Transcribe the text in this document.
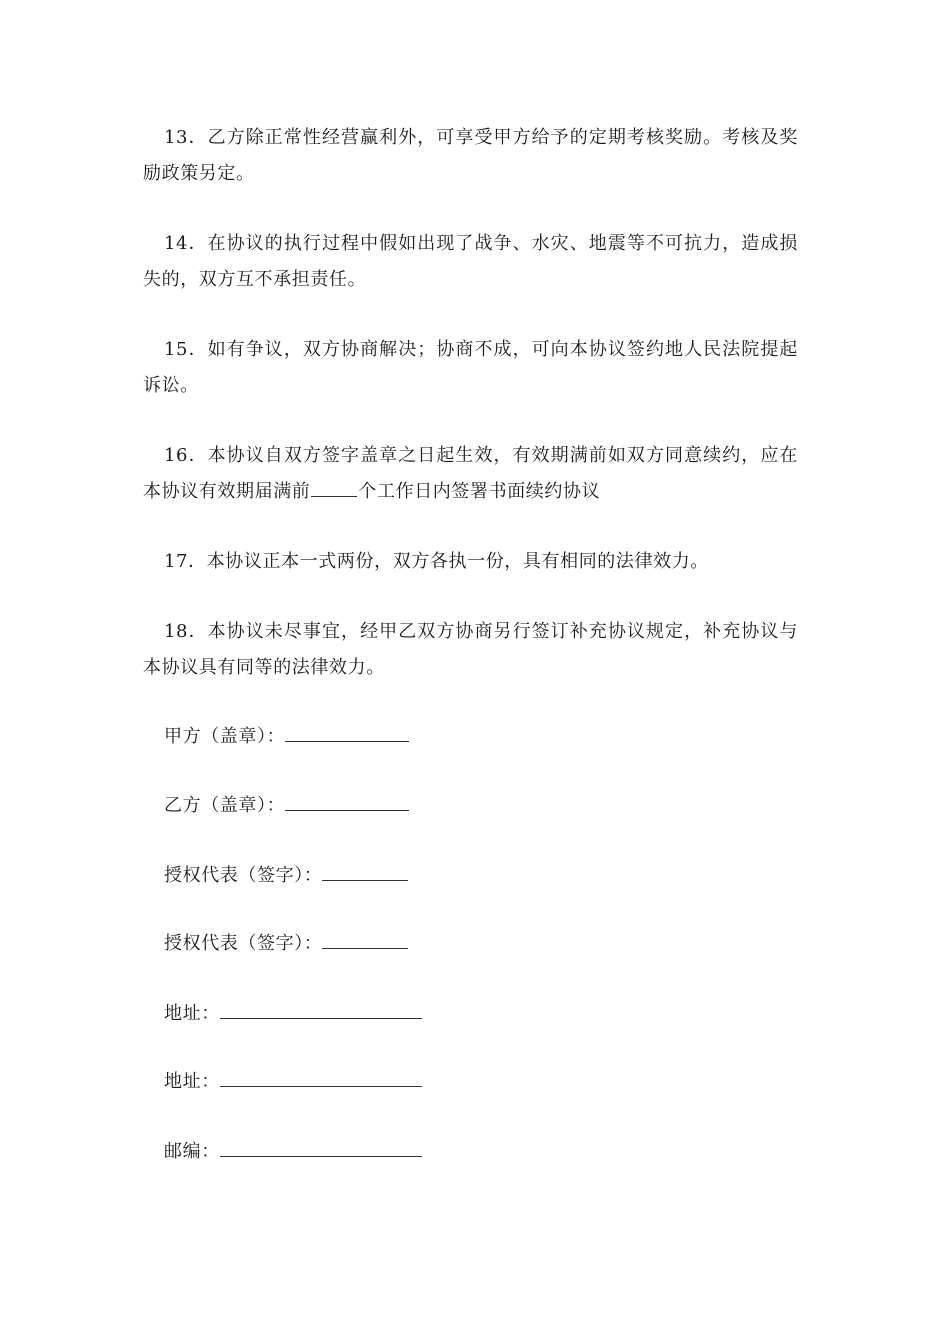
13．乙方除正常性经营赢利外，可享受甲方给予的定期考核奖励。考核及奖励政策另定。

14．在协议的执行过程中假如出现了战争、水灾、地震等不可抗力，造成损失的，双方互不承担责任。

15．如有争议，双方协商解决；协商不成，可向本协议签约地人民法院提起诉讼。

16．本协议自双方签字盖章之日起生效，有效期满前如双方同意续约，应在本协议有效期届满前	个工作日内签署书面续约协议

17．本协议正本一式两份，双方各执一份，具有相同的法律效力。

18．本协议未尽事宜，经甲乙双方协商另行签订补充协议规定，补充协议与本协议具有同等的法律效力。

甲方（盖章）：
乙方（盖章）：
授权代表（签字）：
授权代表（签字）：
地址：
地址：
邮编：
